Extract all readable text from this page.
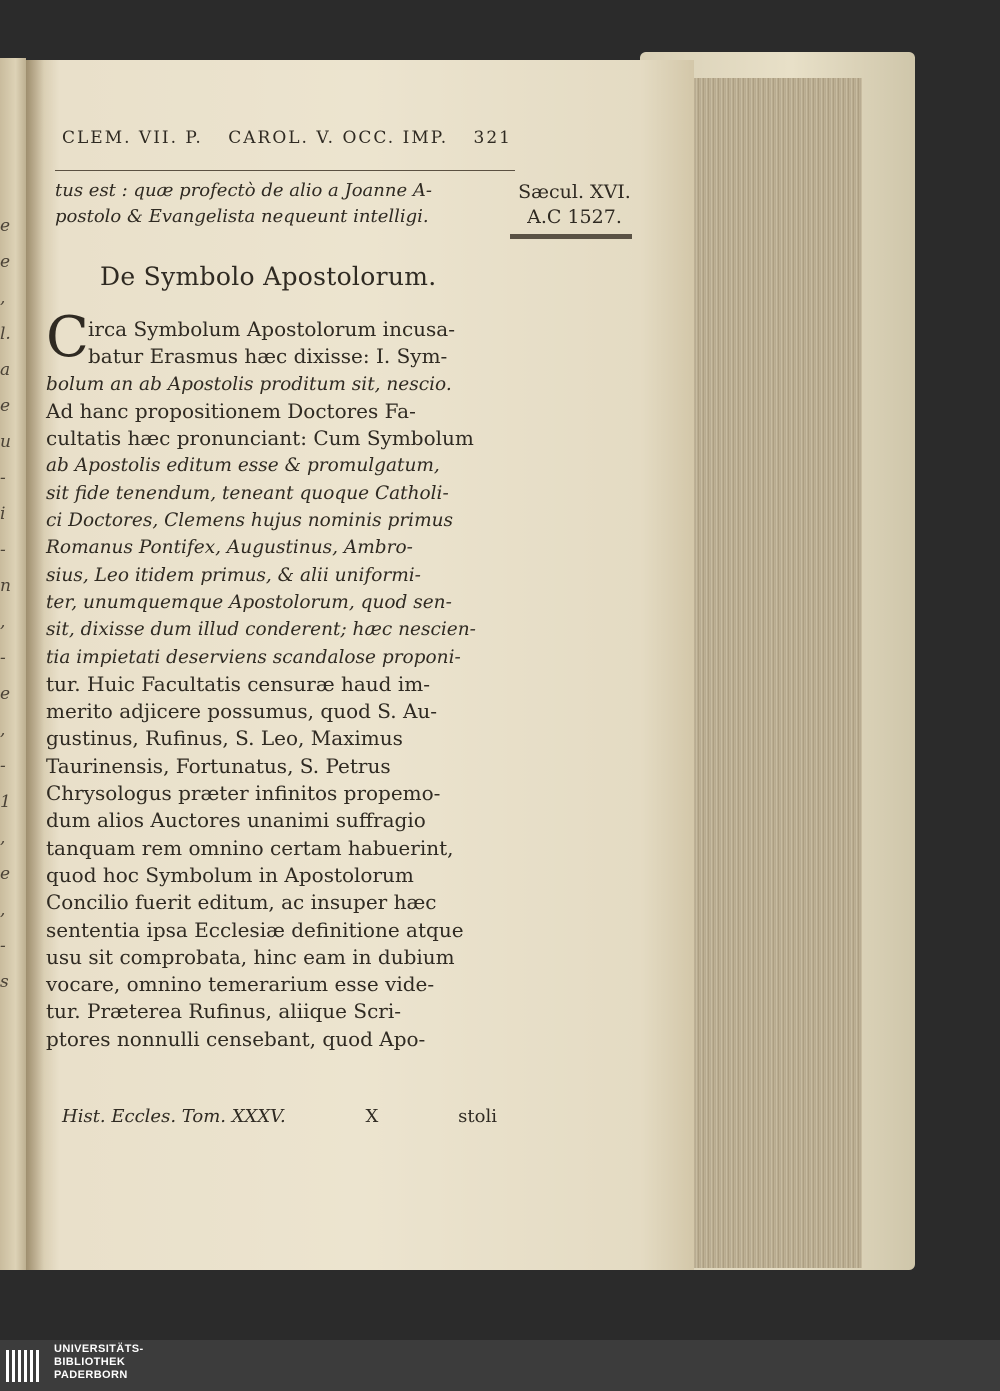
e
e
,
l.
a
e
u
-
i
-
n
,
-
e
,
-
1
,
e
,
-
s
CLEM. VII. P. CAROL. V. OCC. IMP. 321
tus est : quæ profectò de alio a Joanne A-
postolo & Evangelista nequeunt intelligi.
Sæcul. XVI.
A.C 1527.
De Symbolo Apostolorum.
C irca Symbolum Apostolorum incusa-
batur Erasmus hæc dixisse: I. Sym-
bolum an ab Apostolis proditum sit, nescio.
Ad hanc propositionem Doctores Fa-
cultatis hæc pronunciant: Cum Symbolum
ab Apostolis editum esse & promulgatum,
sit fide tenendum, teneant quoque Catholi-
ci Doctores, Clemens hujus nominis primus
Romanus Pontifex, Augustinus, Ambro-
sius, Leo itidem primus, & alii uniformi-
ter, unumquemque Apostolorum, quod sen-
sit, dixisse dum illud conderent; hæc nescien-
tia impietati deserviens scandalose proponi-
tur. Huic Facultatis censuræ haud im-
merito adjicere possumus, quod S. Au-
gustinus, Rufinus, S. Leo, Maximus
Taurinensis, Fortunatus, S. Petrus
Chrysologus præter infinitos propemo-
dum alios Auctores unanimi suffragio
tanquam rem omnino certam habuerint,
quod hoc Symbolum in Apostolorum
Concilio fuerit editum, ac insuper hæc
sententia ipsa Ecclesiæ definitione atque
usu sit comprobata, hinc eam in dubium
vocare, omnino temerarium esse vide-
tur. Præterea Rufinus, aliique Scri-
ptores nonnulli censebant, quod Apo-
Hist. Eccles. Tom. XXXV.	X	stoli
UNIVERSITÄTS-
BIBLIOTHEK
PADERBORN
